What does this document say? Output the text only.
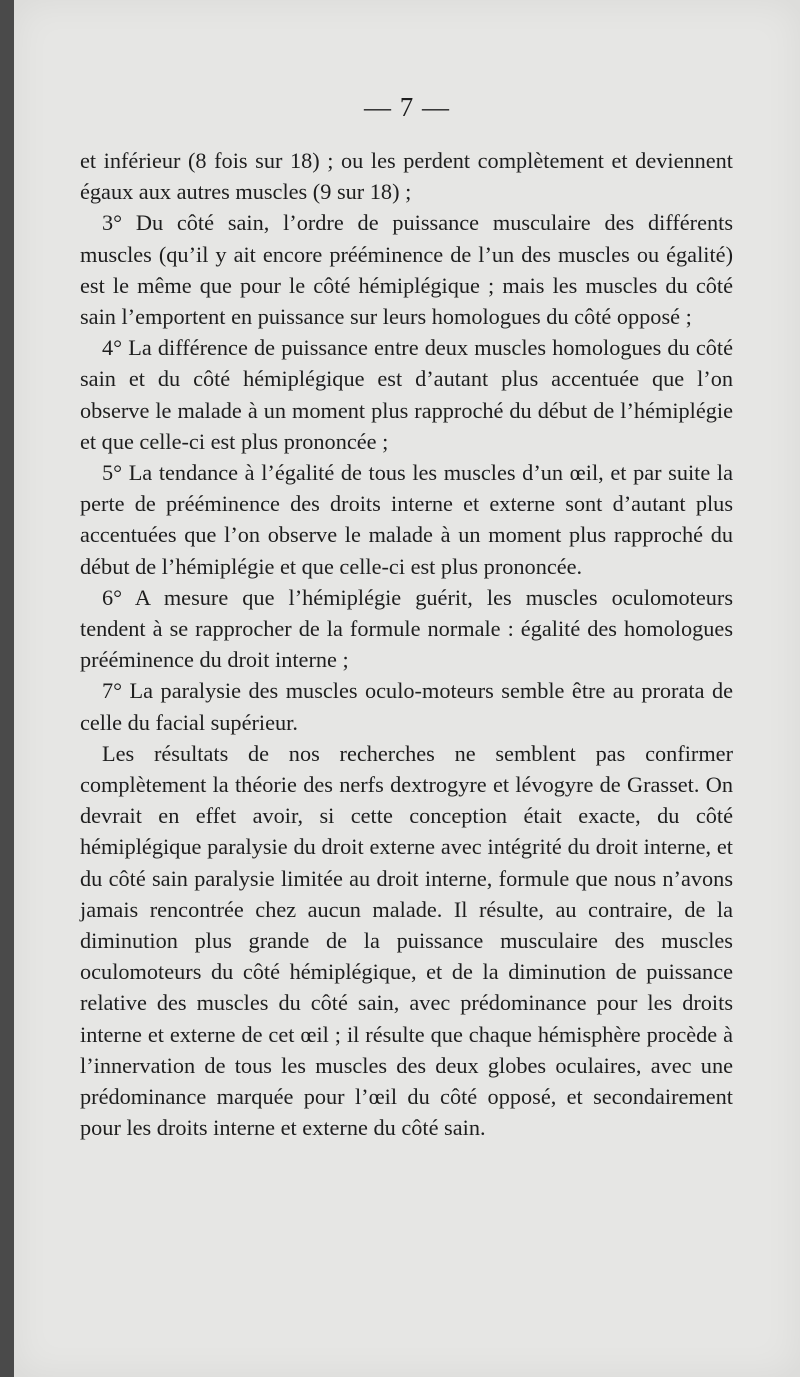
— 7 —

et inférieur (8 fois sur 18) ; ou les perdent complètement et deviennent égaux aux autres muscles (9 sur 18) ;

3° Du côté sain, l’ordre de puissance musculaire des différents muscles (qu’il y ait encore prééminence de l’un des muscles ou égalité) est le même que pour le côté hémiplégique ; mais les muscles du côté sain l’emportent en puissance sur leurs homologues du côté opposé ;

4° La différence de puissance entre deux muscles homologues du côté sain et du côté hémiplégique est d’autant plus accentuée que l’on observe le malade à un moment plus rapproché du début de l’hémiplégie et que celle-ci est plus prononcée ;

5° La tendance à l’égalité de tous les muscles d’un œil, et par suite la perte de prééminence des droits interne et externe sont d’autant plus accentuées que l’on observe le malade à un moment plus rapproché du début de l’hémiplégie et que celle-ci est plus prononcée.

6° A mesure que l’hémiplégie guérit, les muscles oculomoteurs tendent à se rapprocher de la formule normale : égalité des homologues prééminence du droit interne ;

7° La paralysie des muscles oculo-moteurs semble être au prorata de celle du facial supérieur.

Les résultats de nos recherches ne semblent pas confirmer complètement la théorie des nerfs dextrogyre et lévogyre de Grasset. On devrait en effet avoir, si cette conception était exacte, du côté hémiplégique paralysie du droit externe avec intégrité du droit interne, et du côté sain paralysie limitée au droit interne, formule que nous n’avons jamais rencontrée chez aucun malade. Il résulte, au contraire, de la diminution plus grande de la puissance musculaire des muscles oculomoteurs du côté hémiplégique, et de la diminution de puissance relative des muscles du côté sain, avec prédominance pour les droits interne et externe de cet œil ; il résulte que chaque hémisphère procède à l’innervation de tous les muscles des deux globes oculaires, avec une prédominance marquée pour l’œil du côté opposé, et secondairement pour les droits interne et externe du côté sain.
